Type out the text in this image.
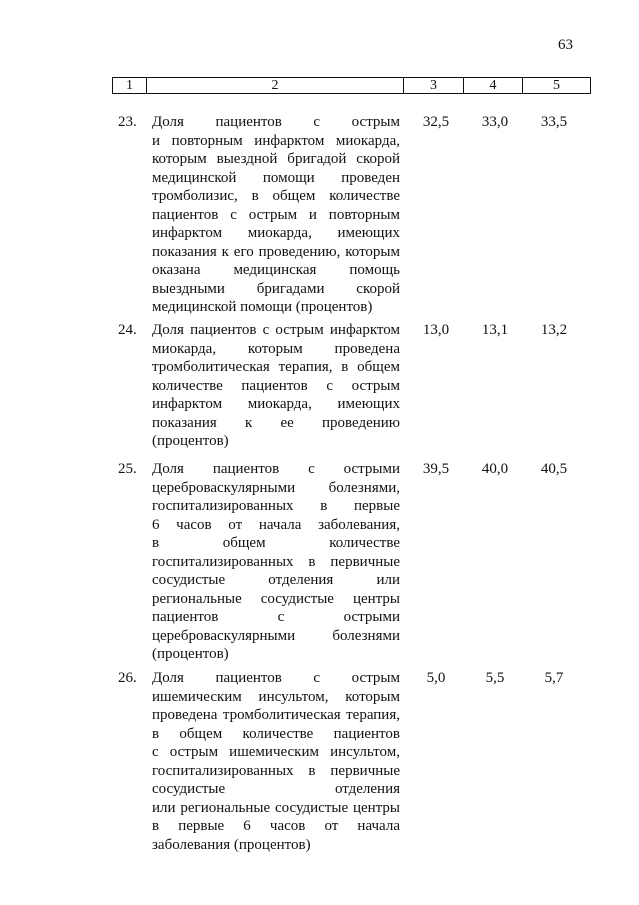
63
1	2	3	4	5
23.	Доля пациентов с острым
и повторным инфарктом миокарда,
которым выездной бригадой скорой
медицинской помощи проведен
тромболизис, в общем количестве
пациентов с острым и повторным
инфарктом миокарда, имеющих
показания к его проведению, которым
оказана медицинская помощь
выездными бригадами скорой
медицинской помощи (процентов)
32,5	33,0	33,5
24.	Доля пациентов с острым инфарктом
миокарда, которым проведена
тромболитическая терапия, в общем
количестве пациентов с острым
инфарктом миокарда, имеющих
показания к ее проведению
(процентов)
13,0	13,1	13,2
25.	Доля пациентов с острыми
цереброваскулярными болезнями,
госпитализированных в первые
6 часов от начала заболевания,
в общем количестве
госпитализированных в первичные
сосудистые отделения или
региональные сосудистые центры
пациентов с острыми
цереброваскулярными болезнями
(процентов)
39,5	40,0	40,5
26.	Доля пациентов с острым
ишемическим инсультом, которым
проведена тромболитическая терапия,
в общем количестве пациентов
с острым ишемическим инсультом,
госпитализированных в первичные
сосудистые отделения
или региональные сосудистые центры
в первые 6 часов от начала
заболевания (процентов)
5,0	5,5	5,7
